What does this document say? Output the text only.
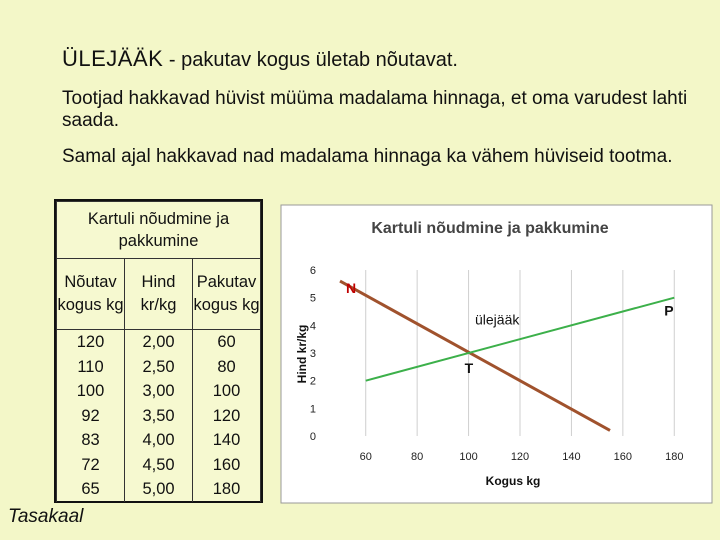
ÜLEJÄÄK - pakutav kogus ületab nõutavat.
Tootjad hakkavad hüvist müüma madalama hinnaga, et oma varudest lahti saada.
Samal ajal hakkavad nad madalama hinnaga ka vähem hüviseid tootma.
Kartuli nõudmine ja pakkumine		
Nõutav kogus kg	Hind kr/kg	Pakutav kogus kg
120	2,00	60
110	2,50	80
100	3,00	100
92	3,50	120
83	4,00	140
72	4,50	160
65	5,00	180
Kartuli nõudmine ja pakkumine
60	80	100	120	140	160	180
0
1
2
3
4
5
6
Kogus kg
Hind kr/kg
N
P
ülejääk
T
Tasakaal
